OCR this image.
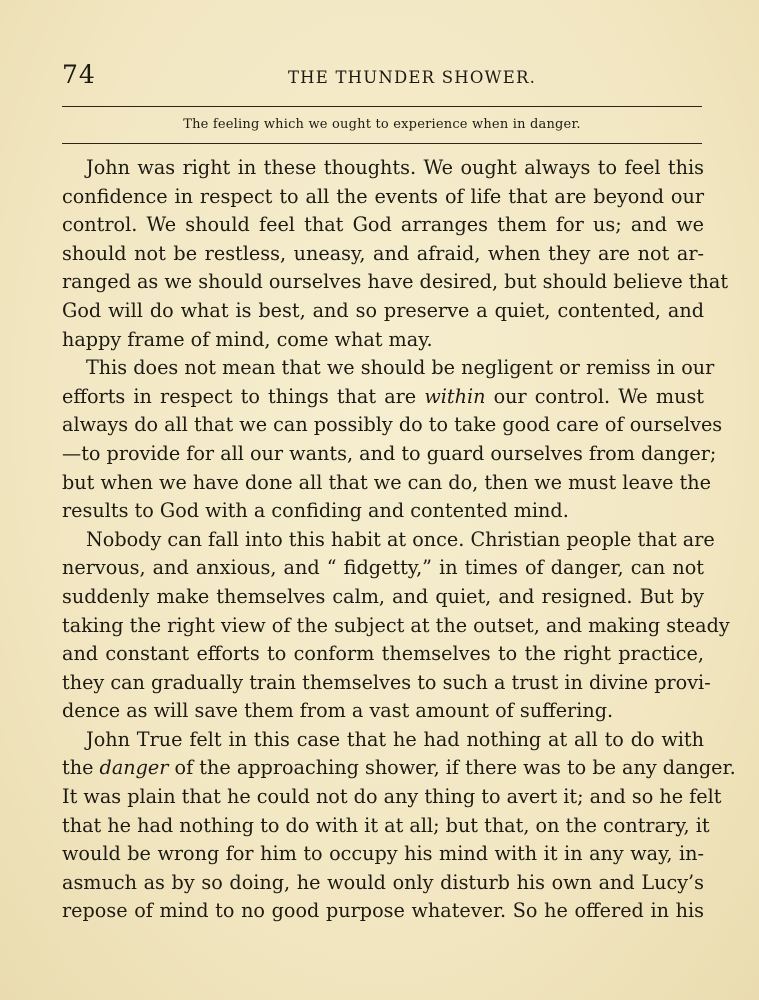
74	THE THUNDER SHOWER.
The feeling which we ought to experience when in danger.
John was right in these thoughts. We ought always to feel this
confidence in respect to all the events of life that are beyond our
control. We should feel that God arranges them for us; and we
should not be restless, uneasy, and afraid, when they are not ar-
ranged as we should ourselves have desired, but should believe that
God will do what is best, and so preserve a quiet, contented, and
happy frame of mind, come what may.
This does not mean that we should be negligent or remiss in our
efforts in respect to things that are within our control. We must
always do all that we can possibly do to take good care of ourselves
—to provide for all our wants, and to guard ourselves from danger;
but when we have done all that we can do, then we must leave the
results to God with a confiding and contented mind.
Nobody can fall into this habit at once. Christian people that are
nervous, and anxious, and “ fidgetty,” in times of danger, can not
suddenly make themselves calm, and quiet, and resigned. But by
taking the right view of the subject at the outset, and making steady
and constant efforts to conform themselves to the right practice,
they can gradually train themselves to such a trust in divine provi-
dence as will save them from a vast amount of suffering.
John True felt in this case that he had nothing at all to do with
the danger of the approaching shower, if there was to be any danger.
It was plain that he could not do any thing to avert it; and so he felt
that he had nothing to do with it at all; but that, on the contrary, it
would be wrong for him to occupy his mind with it in any way, in-
asmuch as by so doing, he would only disturb his own and Lucy’s
repose of mind to no good purpose whatever. So he offered in his
